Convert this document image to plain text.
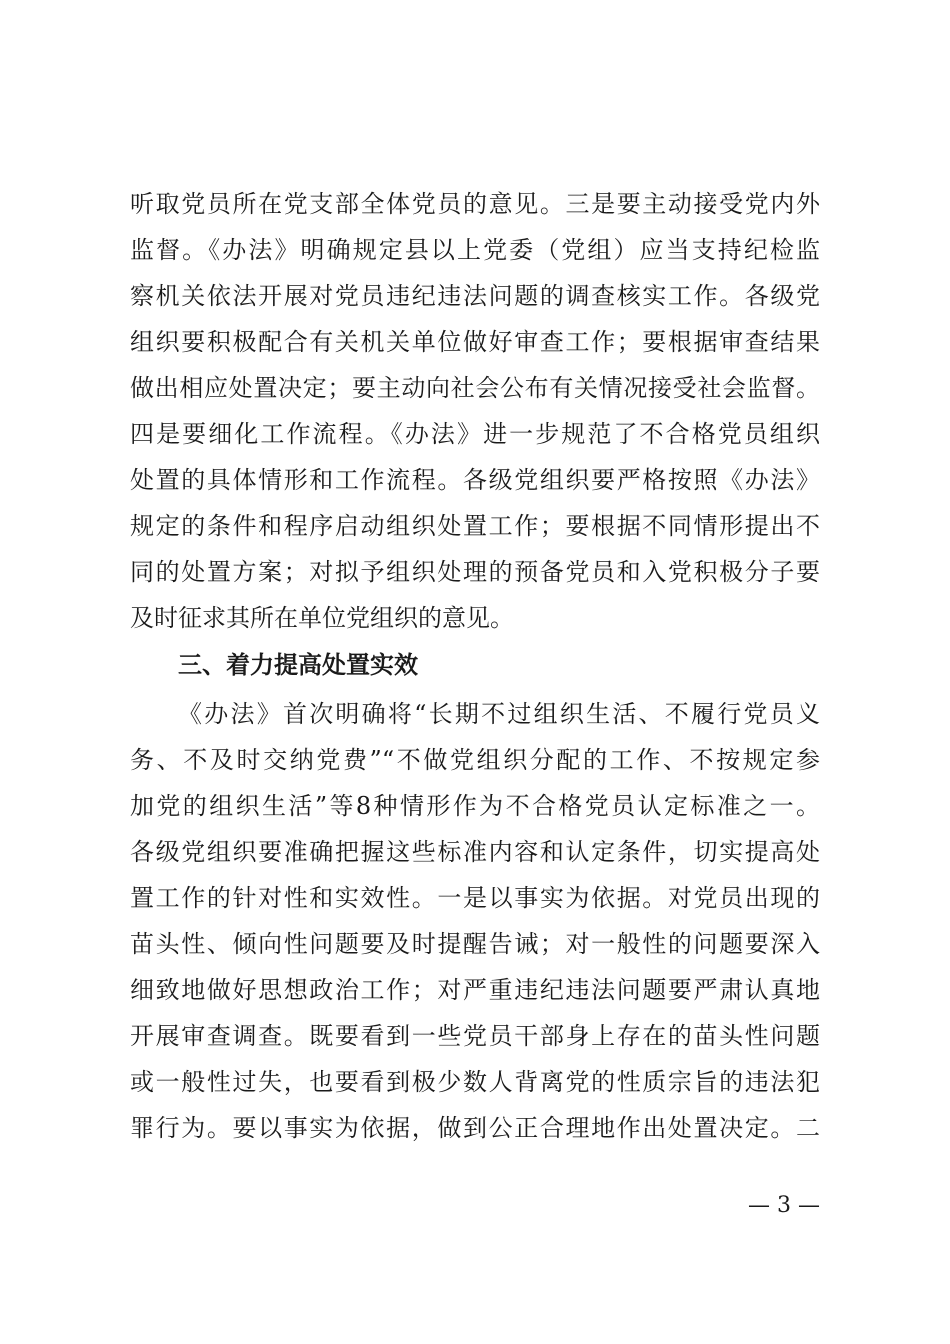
听取党员所在党支部全体党员的意见。三是要主动接受党内外
监督。《办法》明确规定县以上党委（党组）应当支持纪检监
察机关依法开展对党员违纪违法问题的调查核实工作。各级党
组织要积极配合有关机关单位做好审查工作；要根据审查结果
做出相应处置决定；要主动向社会公布有关情况接受社会监督。
四是要细化工作流程。《办法》进一步规范了不合格党员组织
处置的具体情形和工作流程。各级党组织要严格按照《办法》
规定的条件和程序启动组织处置工作；要根据不同情形提出不
同的处置方案；对拟予组织处理的预备党员和入党积极分子要
及时征求其所在单位党组织的意见。
三、着力提高处置实效
《办法》首次明确将“长期不过组织生活、不履行党员义
务、不及时交纳党费”“不做党组织分配的工作、不按规定参
加党的组织生活”等8种情形作为不合格党员认定标准之一。
各级党组织要准确把握这些标准内容和认定条件，切实提高处
置工作的针对性和实效性。一是以事实为依据。对党员出现的
苗头性、倾向性问题要及时提醒告诫；对一般性的问题要深入
细致地做好思想政治工作；对严重违纪违法问题要严肃认真地
开展审查调查。既要看到一些党员干部身上存在的苗头性问题
或一般性过失，也要看到极少数人背离党的性质宗旨的违法犯
罪行为。要以事实为依据，做到公正合理地作出处置决定。二
— 3 —
